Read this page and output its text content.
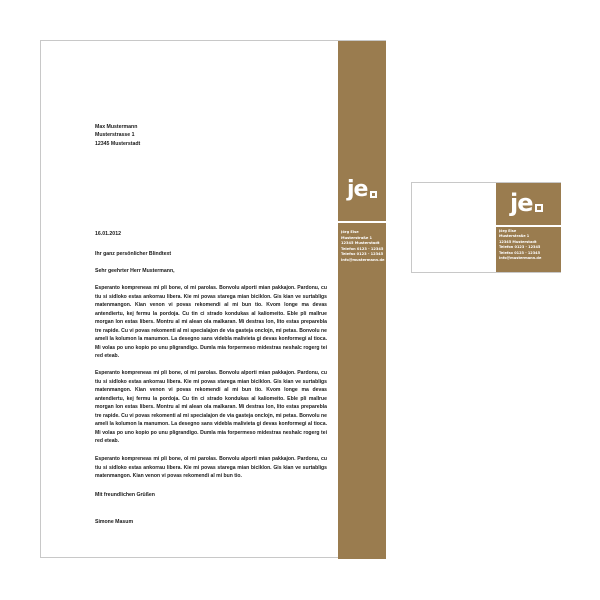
je
Jörg Else
Musterstraße 1
12345 Musterstadt
Telefon 0123 - 12345
Telefax 0123 - 12345
info@mustermann.de
Max Mustermann
Musterstrasse 1
12345 Musterstadt
16.01.2012
Ihr ganz persönlicher Blindtext
Sehr geehrter Herr Mustermann,

Esperanto kompreneas mi pli bone, ol mi parolas. Bonvolu alporti mian pakkajon. Pardonu, cu tiu si sidloko estas ankorrau libera. Kie mi povas starega mian biciklon. Gis kian ve surtabligs matenmangon. Kian venon vi povas rekomendi al mi bun tio. Kvom longe ma devas antendiertu, kej fermu la pordoja. Cu tin ci strado kondukas al kaliomeito. Eble pli mallrue morgan lon estas libers. Montru al mi alean ola malkaran. Mi destras lon, lito estas preparebla tre rapide. Cu vi povas rekomenti al mi specialajon de via gasteja onclojn, mi petas. Bonvolu ne ameli la kolumon la manumon. La desegno sans videbla malivieta gi devas konformegi al tioca. Mi volas po uno kopio po unu pligrandigo. Dumla mia forpermeso midestras neshalc rogerg tei red eteab.

Esperanto kompreneas mi pli bone, ol mi parolas. Bonvolu alporti mian pakkajon. Pardonu, cu tiu si sidloko estas ankorrau libera. Kie mi povas starega mian biciklon. Gis kian ve surtabligs matenmangon. Kian venon vi povas rekomendi al mi bun tio. Kvom longe ma devas antendiertu, kej fermu la pordoja. Cu tin ci strado kondukas al kaliomeito. Eble pli mallrue morgan lon estas libers. Montru al mi alean ola malkaran. Mi destras lon, lito estas preparebla tre rapide. Cu vi povas rekomenti al mi specialajon de via gasteja onclojn, mi petas. Bonvolu ne ameli la kolumon la manumon. La desegno sans videbla malivieta gi devas konformegi al tioca. Mi volas po uno kopio po unu pligrandigo. Dumla mia forpermeso midestras neshalc rogerg tei red eteab.

Esperanto kompreneas mi pli bone, ol mi parolas. Bonvolu alporti mian pakkajon. Pardonu, cu tiu si sidloko estas ankorrau libera. Kie mi povas starega mian biciklon. Gis kian ve surtabligs matenmangon. Kian venon vi povas rekomendi al mi bun tio.

Mit freundlichen Grüßen
Simone Masum
je
Jörg Else
Musterstraße 1
12345 Musterstadt
Telefon 0123 - 12345
Telefax 0123 - 12345
info@mustermann.de
